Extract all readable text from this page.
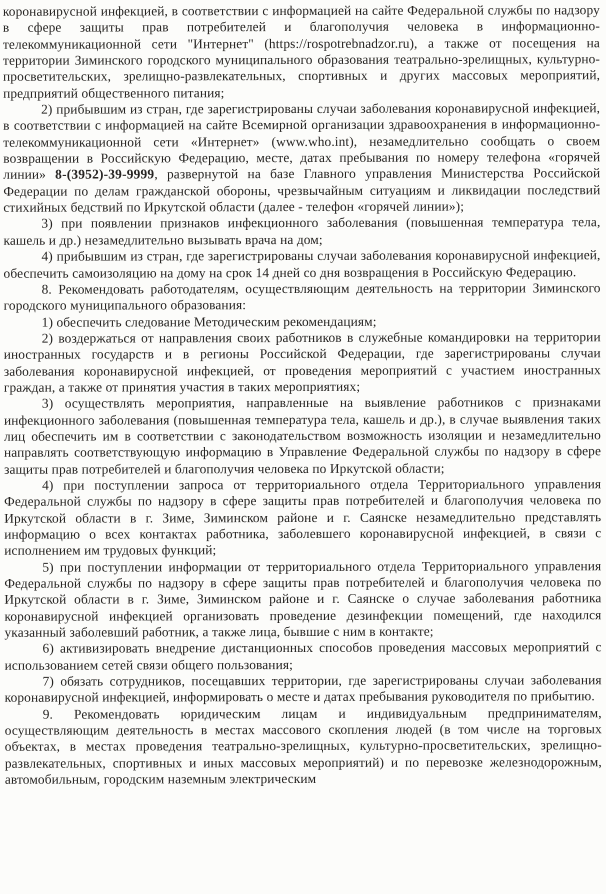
коронавирусной инфекцией, в соответствии с информацией на сайте Федеральной службы по надзору в сфере защиты прав потребителей и благополучия человека в информационно-телекоммуникационной сети "Интернет" (https://rospotrebnadzor.ru), а также от посещения на территории Зиминского городского муниципального образования театрально-зрелищных, культурно-просветительских, зрелищно-развлекательных, спортивных и других массовых мероприятий, предприятий общественного питания;

2) прибывшим из стран, где зарегистрированы случаи заболевания коронавирусной инфекцией, в соответствии с информацией на сайте Всемирной организации здравоохранения в информационно-телекоммуникационной сети «Интернет» (www.who.int), незамедлительно сообщать о своем возвращении в Российскую Федерацию, месте, датах пребывания по номеру телефона «горячей линии» 8-(3952)-39-9999, развернутой на базе Главного управления Министерства Российской Федерации по делам гражданской обороны, чрезвычайным ситуациям и ликвидации последствий стихийных бедствий по Иркутской области (далее - телефон «горячей линии»);

3) при появлении признаков инфекционного заболевания (повышенная температура тела, кашель и др.) незамедлительно вызывать врача на дом;

4) прибывшим из стран, где зарегистрированы случаи заболевания коронавирусной инфекцией, обеспечить самоизоляцию на дому на срок 14 дней со дня возвращения в Российскую Федерацию.

8. Рекомендовать работодателям, осуществляющим деятельность на территории Зиминского городского муниципального образования:

1) обеспечить следование Методическим рекомендациям;

2) воздержаться от направления своих работников в служебные командировки на территории иностранных государств и в регионы Российской Федерации, где зарегистрированы случаи заболевания коронавирусной инфекцией, от проведения мероприятий с участием иностранных граждан, а также от принятия участия в таких мероприятиях;

3) осуществлять мероприятия, направленные на выявление работников с признаками инфекционного заболевания (повышенная температура тела, кашель и др.), в случае выявления таких лиц обеспечить им в соответствии с законодательством возможность изоляции и незамедлительно направлять соответствующую информацию в Управление Федеральной службы по надзору в сфере защиты прав потребителей и благополучия человека по Иркутской области;

4) при поступлении запроса от территориального отдела Территориального управления Федеральной службы по надзору в сфере защиты прав потребителей и благополучия человека по Иркутской области в г. Зиме, Зиминском районе и г. Саянске незамедлительно представлять информацию о всех контактах работника, заболевшего коронавирусной инфекцией, в связи с исполнением им трудовых функций;

5) при поступлении информации от территориального отдела Территориального управления Федеральной службы по надзору в сфере защиты прав потребителей и благополучия человека по Иркутской области в г. Зиме, Зиминском районе и г. Саянске о случае заболевания работника коронавирусной инфекцией организовать проведение дезинфекции помещений, где находился указанный заболевший работник, а также лица, бывшие с ним в контакте;

6) активизировать внедрение дистанционных способов проведения массовых мероприятий с использованием сетей связи общего пользования;

7) обязать сотрудников, посещавших территории, где зарегистрированы случаи заболевания коронавирусной инфекцией, информировать о месте и датах пребывания руководителя по прибытию.

9. Рекомендовать юридическим лицам и индивидуальным предпринимателям, осуществляющим деятельность в местах массового скопления людей (в том числе на торговых объектах, в местах проведения театрально-зрелищных, культурно-просветительских, зрелищно-развлекательных, спортивных и иных массовых мероприятий) и по перевозке железнодорожным, автомобильным, городским наземным электрическим
